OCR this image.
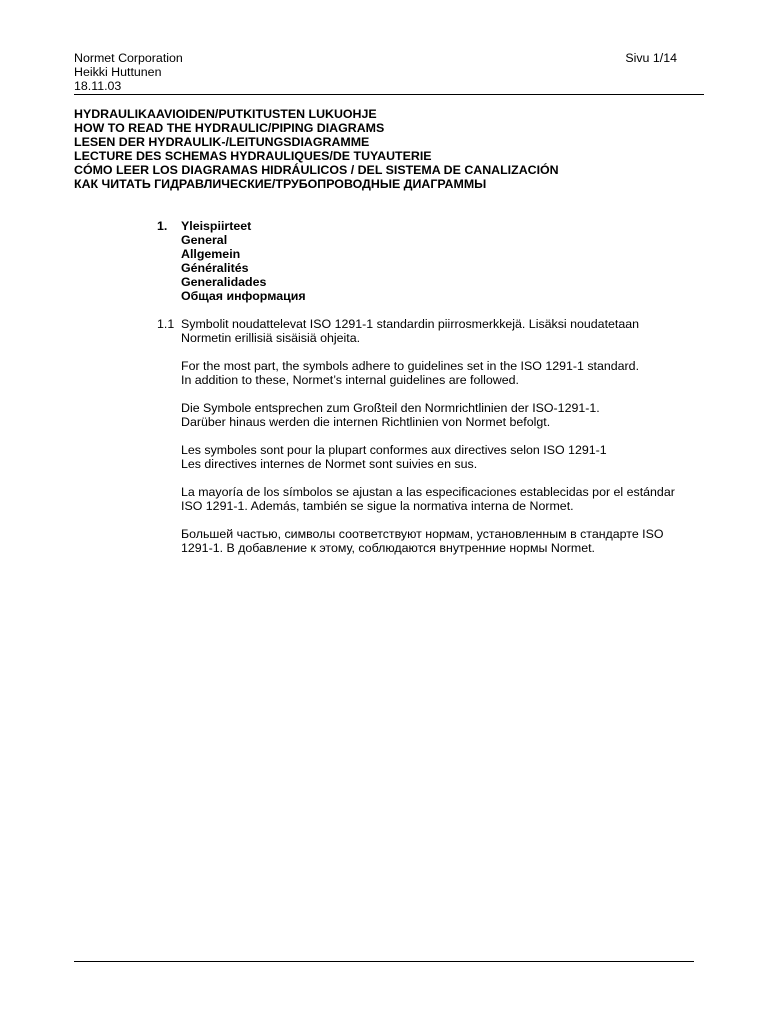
Normet Corporation
Heikki Huttunen
18.11.03
Sivu 1/14
HYDRAULIKAAVIOIDEN/PUTKITUSTEN LUKUOHJE
HOW TO READ THE HYDRAULIC/PIPING DIAGRAMS
LESEN DER HYDRAULIK-/LEITUNGSDIAGRAMME
LECTURE DES SCHEMAS HYDRAULIQUES/DE TUYAUTERIE
CÓMO LEER LOS DIAGRAMAS HIDRÁULICOS / DEL SISTEMA DE CANALIZACIÓN
КАК ЧИТАТЬ ГИДРАВЛИЧЕСКИЕ/ТРУБОПРОВОДНЫЕ ДИАГРАММЫ
1.	Yleispiirteet
General
Allgemein
Généralités
Generalidades
Общая информация
1.1 Symbolit noudattelevat ISO 1291-1 standardin piirrosmerkkejä. Lisäksi noudatetaan
Normetin erillisiä sisäisiä ohjeita.
For the most part, the symbols adhere to guidelines set in the ISO 1291-1 standard.
In addition to these, Normet’s internal guidelines are followed.
Die Symbole entsprechen zum Großteil den Normrichtlinien der ISO-1291-1.
Darüber hinaus werden die internen Richtlinien von Normet befolgt.
Les symboles sont pour la plupart conformes aux directives selon ISO 1291-1
Les directives internes de Normet sont suivies en sus.
La mayoría de los símbolos se ajustan a las especificaciones establecidas por el estándar
ISO 1291-1. Además, también se sigue la normativa interna de Normet.
Большей частью, символы соответствуют нормам, установленным в стандарте ISO
1291-1. В добавление к этому, соблюдаются внутренние нормы Normet.
